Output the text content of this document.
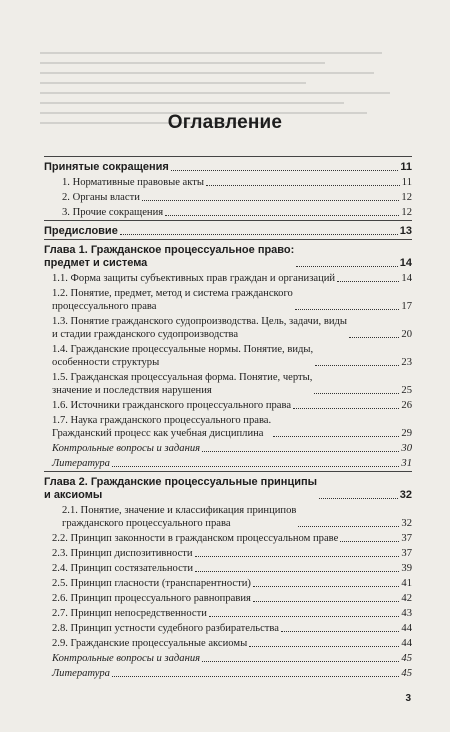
Оглавление
Принятые сокращения	11
1. Нормативные правовые акты	11
2. Органы власти	12
3. Прочие сокращения	12
Предисловие	13
Глава 1. Гражданское процессуальное право:
предмет и система	14
1.1. Форма защиты субъективных прав граждан и организаций	14
1.2. Понятие, предмет, метод и система гражданского
процессуального права	17
1.3. Понятие гражданского судопроизводства. Цель, задачи, виды
и стадии гражданского судопроизводства	20
1.4. Гражданские процессуальные нормы. Понятие, виды,
особенности структуры	23
1.5. Гражданская процессуальная форма. Понятие, черты,
значение и последствия нарушения	25
1.6. Источники гражданского процессуального права	26
1.7. Наука гражданского процессуального права.
Гражданский процесс как учебная дисциплина	29
Контрольные вопросы и задания	30
Литература	31
Глава 2. Гражданские процессуальные принципы
и аксиомы	32
2.1. Понятие, значение и классификация принципов
гражданского процессуального права	32
2.2. Принцип законности в гражданском процессуальном праве	37
2.3. Принцип диспозитивности	37
2.4. Принцип состязательности	39
2.5. Принцип гласности (транспарентности)	41
2.6. Принцип процессуального равноправия	42
2.7. Принцип непосредственности	43
2.8. Принцип устности судебного разбирательства	44
2.9. Гражданские процессуальные аксиомы	44
Контрольные вопросы и задания	45
Литература	45
3
